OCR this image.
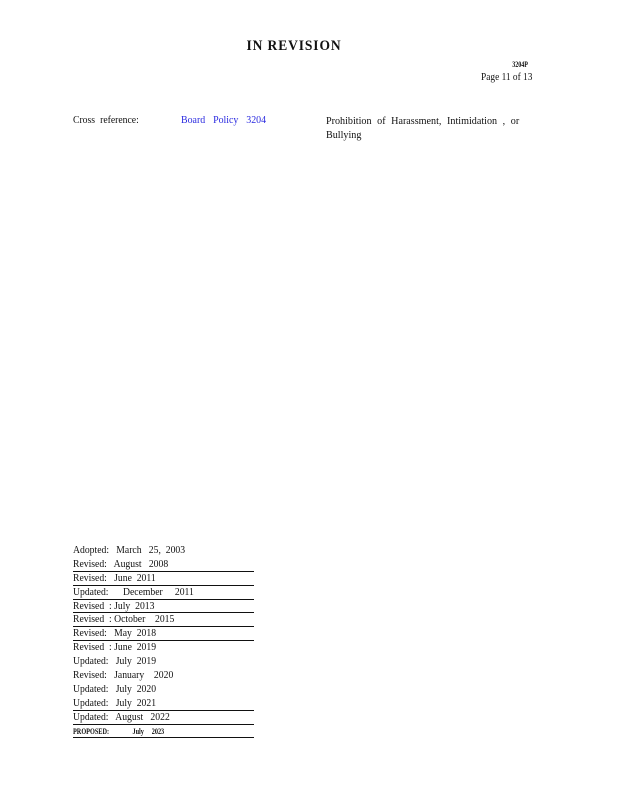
IN REVISION
3204P
Page 11 of 13
Cross reference:	Board Policy 3204	Prohibition of Harassment, Intimidation , or Bullying
Adopted:   March   25,  2003
Revised:   August   2008
Revised:   June  2011
Updated:      December     2011
Revised  : July  2013
Revised  : October    2015
Revised:   May  2018
Revised  : June  2019
Updated:   July  2019
Revised:   January    2020
Updated:   July  2020
Updated:   July  2021
Updated:   August   2022
PROPOSED:               July     2023
